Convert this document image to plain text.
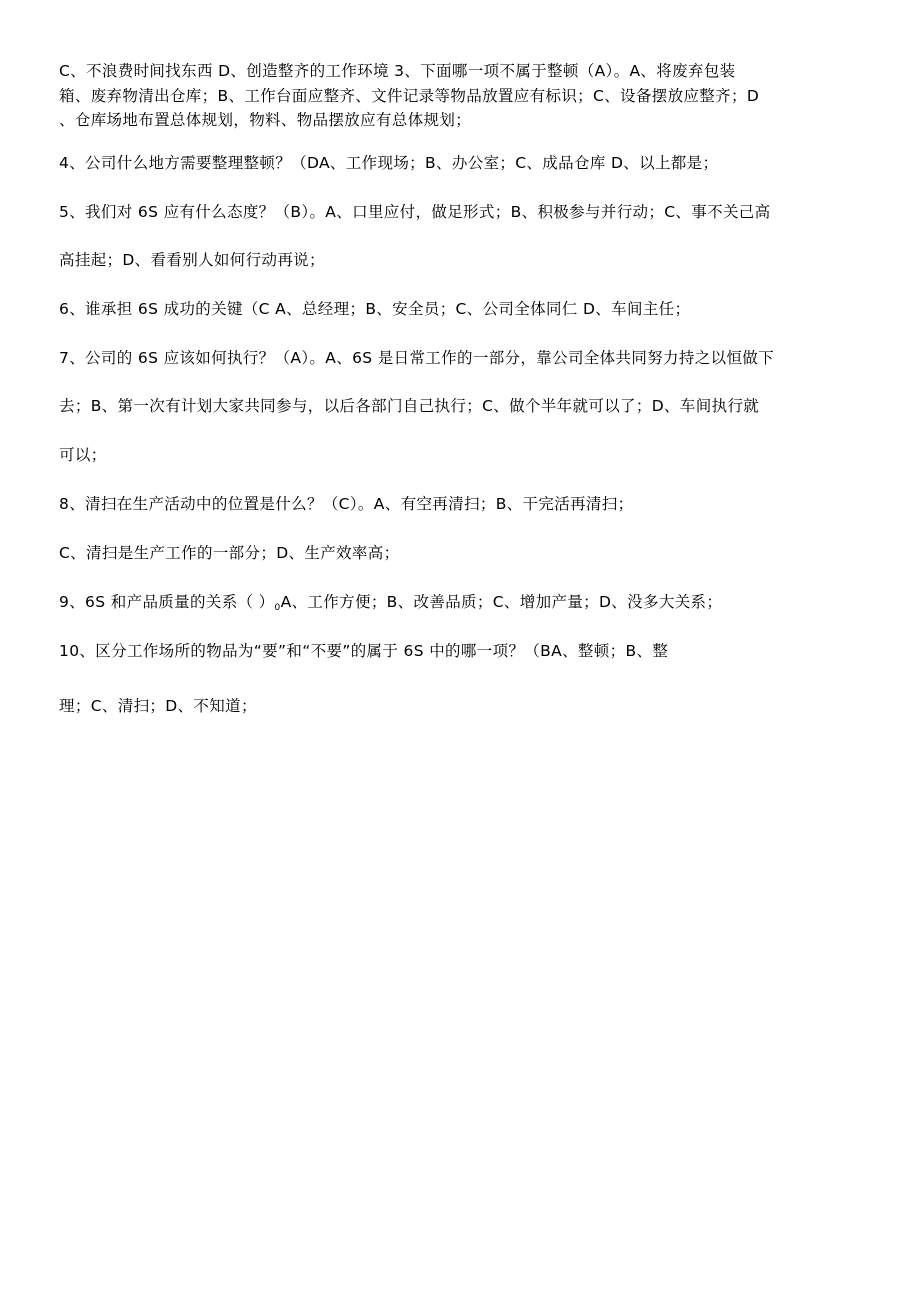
C、不浪费时间找东西 D、创造整齐的工作环境 3、下面哪一项不属于整顿（A）。A、将废弃包装
箱、废弃物清出仓库；B、工作台面应整齐、文件记录等物品放置应有标识；C、设备摆放应整齐；D
、仓库场地布置总体规划，物料、物品摆放应有总体规划；
4、公司什么地方需要整理整顿？（DA、工作现场；B、办公室；C、成品仓库 D、以上都是；
5、我们对 6S 应有什么态度？（B）。A、口里应付，做足形式；B、积极参与并行动；C、事不关己高
高挂起；D、看看别人如何行动再说；
6、谁承担 6S 成功的关键（C A、总经理；B、安全员；C、公司全体同仁 D、车间主任；
7、公司的 6S 应该如何执行？（A）。A、6S 是日常工作的一部分，靠公司全体共同努力持之以恒做下
去；B、第一次有计划大家共同参与，以后各部门自己执行；C、做个半年就可以了；D、车间执行就
可以；
8、清扫在生产活动中的位置是什么？（C）。A、有空再清扫；B、干完活再清扫；
C、清扫是生产工作的一部分；D、生产效率高；
9、6S 和产品质量的关系（ ）0A、工作方便；B、改善品质；C、增加产量；D、没多大关系；
10、区分工作场所的物品为“要”和“不要”的属于 6S 中的哪一项？（BA、整顿；B、整
理；C、清扫；D、不知道；
